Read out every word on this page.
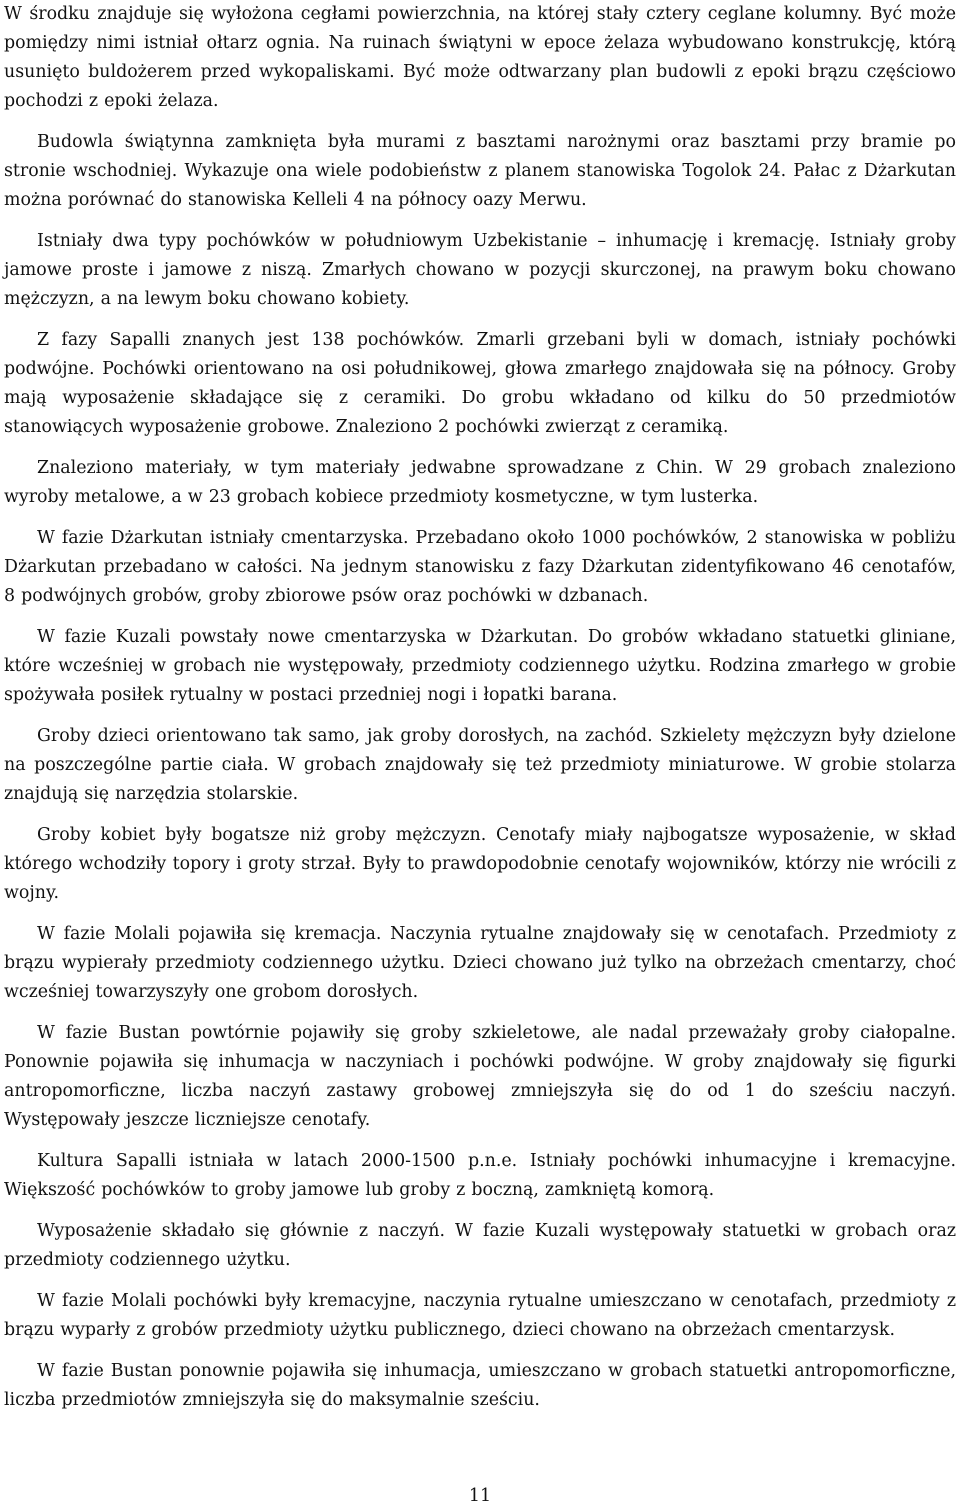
W środku znajduje się wyłożona cegłami powierzchnia, na której stały cztery ceglane kolumny. Być może pomiędzy nimi istniał ołtarz ognia. Na ruinach świątyni w epoce żelaza wybudowano konstrukcję, którą usunięto buldożerem przed wykopaliskami. Być może odtwarzany plan budowli z epoki brązu częściowo pochodzi z epoki żelaza.

Budowla świątynna zamknięta była murami z basztami narożnymi oraz basztami przy bramie po stronie wschodniej. Wykazuje ona wiele podobieństw z planem stanowiska Togolok 24. Pałac z Dżarkutan można porównać do stanowiska Kelleli 4 na północy oazy Merwu.

Istniały dwa typy pochówków w południowym Uzbekistanie – inhumację i kremację. Istniały groby jamowe proste i jamowe z niszą. Zmarłych chowano w pozycji skurczonej, na prawym boku chowano mężczyzn, a na lewym boku chowano kobiety.

Z fazy Sapalli znanych jest 138 pochówków. Zmarli grzebani byli w domach, istniały pochówki podwójne. Pochówki orientowano na osi południkowej, głowa zmarłego znajdowała się na północy. Groby mają wyposażenie składające się z ceramiki. Do grobu wkładano od kilku do 50 przedmiotów stanowiących wyposażenie grobowe. Znaleziono 2 pochówki zwierząt z ceramiką.

Znaleziono materiały, w tym materiały jedwabne sprowadzane z Chin. W 29 grobach znaleziono wyroby metalowe, a w 23 grobach kobiece przedmioty kosmetyczne, w tym lusterka.

W fazie Dżarkutan istniały cmentarzyska. Przebadano około 1000 pochówków, 2 stanowiska w pobliżu Dżarkutan przebadano w całości. Na jednym stanowisku z fazy Dżarkutan zidentyfikowano 46 cenotafów, 8 podwójnych grobów, groby zbiorowe psów oraz pochówki w dzbanach.

W fazie Kuzali powstały nowe cmentarzyska w Dżarkutan. Do grobów wkładano statuetki gliniane, które wcześniej w grobach nie występowały, przedmioty codziennego użytku. Rodzina zmarłego w grobie spożywała posiłek rytualny w postaci przedniej nogi i łopatki barana.

Groby dzieci orientowano tak samo, jak groby dorosłych, na zachód. Szkielety mężczyzn były dzielone na poszczególne partie ciała. W grobach znajdowały się też przedmioty miniaturowe. W grobie stolarza znajdują się narzędzia stolarskie.

Groby kobiet były bogatsze niż groby mężczyzn. Cenotafy miały najbogatsze wyposażenie, w skład którego wchodziły topory i groty strzał. Były to prawdopodobnie cenotafy wojowników, którzy nie wrócili z wojny.

W fazie Molali pojawiła się kremacja. Naczynia rytualne znajdowały się w cenotafach. Przedmioty z brązu wypierały przedmioty codziennego użytku. Dzieci chowano już tylko na obrzeżach cmentarzy, choć wcześniej towarzyszyły one grobom dorosłych.

W fazie Bustan powtórnie pojawiły się groby szkieletowe, ale nadal przeważały groby ciałopalne. Ponownie pojawiła się inhumacja w naczyniach i pochówki podwójne. W groby znajdowały się figurki antropomorficzne, liczba naczyń zastawy grobowej zmniejszyła się do od 1 do sześciu naczyń. Występowały jeszcze liczniejsze cenotafy.

Kultura Sapalli istniała w latach 2000-1500 p.n.e. Istniały pochówki inhumacyjne i kremacyjne. Większość pochówków to groby jamowe lub groby z boczną, zamkniętą komorą.

Wyposażenie składało się głównie z naczyń. W fazie Kuzali występowały statuetki w grobach oraz przedmioty codziennego użytku.

W fazie Molali pochówki były kremacyjne, naczynia rytualne umieszczano w cenotafach, przedmioty z brązu wyparły z grobów przedmioty użytku publicznego, dzieci chowano na obrzeżach cmentarzysk.

W fazie Bustan ponownie pojawiła się inhumacja, umieszczano w grobach statuetki antropomorficzne, liczba przedmiotów zmniejszyła się do maksymalnie sześciu.

11
